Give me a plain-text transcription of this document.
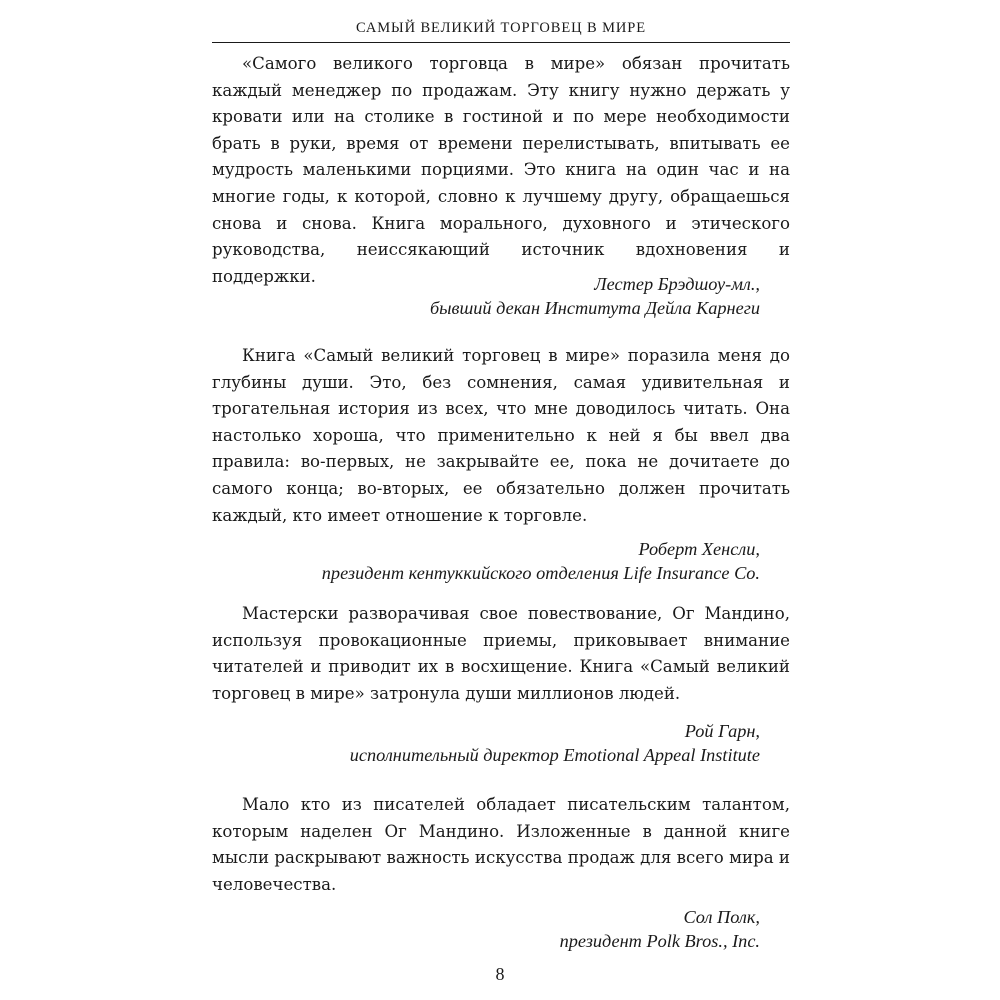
САМЫЙ ВЕЛИКИЙ ТОРГОВЕЦ В МИРЕ

«Самого великого торговца в мире» обязан прочитать каждый менеджер по продажам. Эту книгу нужно держать у кровати или на столике в гостиной и по мере необходимости брать в руки, время от времени перелистывать, впитывать ее мудрость маленькими порциями. Это книга на один час и на многие годы, к которой, словно к лучшему другу, обращаешься снова и снова. Книга морального, духовного и этического руководства, неиссякающий источник вдохновения и поддержки.	Лестер Брэдшоу-мл.,
бывший декан Института Дейла Карнеги

Книга «Самый великий торговец в мире» поразила меня до глубины души. Это, без сомнения, самая удивительная и трогательная история из всех, что мне доводилось читать. Она настолько хороша, что применительно к ней я бы ввел два правила: во-первых, не закрывайте ее, пока не дочитаете до самого конца; во-вторых, ее обязательно должен прочитать каждый, кто имеет отношение к торговле.

Роберт Хенсли,
президент кентуккийского отделения Life Insurance Co.

Мастерски разворачивая свое повествование, Ог Мандино, используя провокационные приемы, приковывает внимание читателей и приводит их в восхищение. Книга «Самый великий торговец в мире» затронула души миллионов людей.

Рой Гарн,
исполнительный директор Emotional Appeal Institute

Мало кто из писателей обладает писательским талантом, которым наделен Ог Мандино. Изложенные в данной книге мысли раскрывают важность искусства продаж для всего мира и человечества.

Сол Полк,
президент Polk Bros., Inc.
8
